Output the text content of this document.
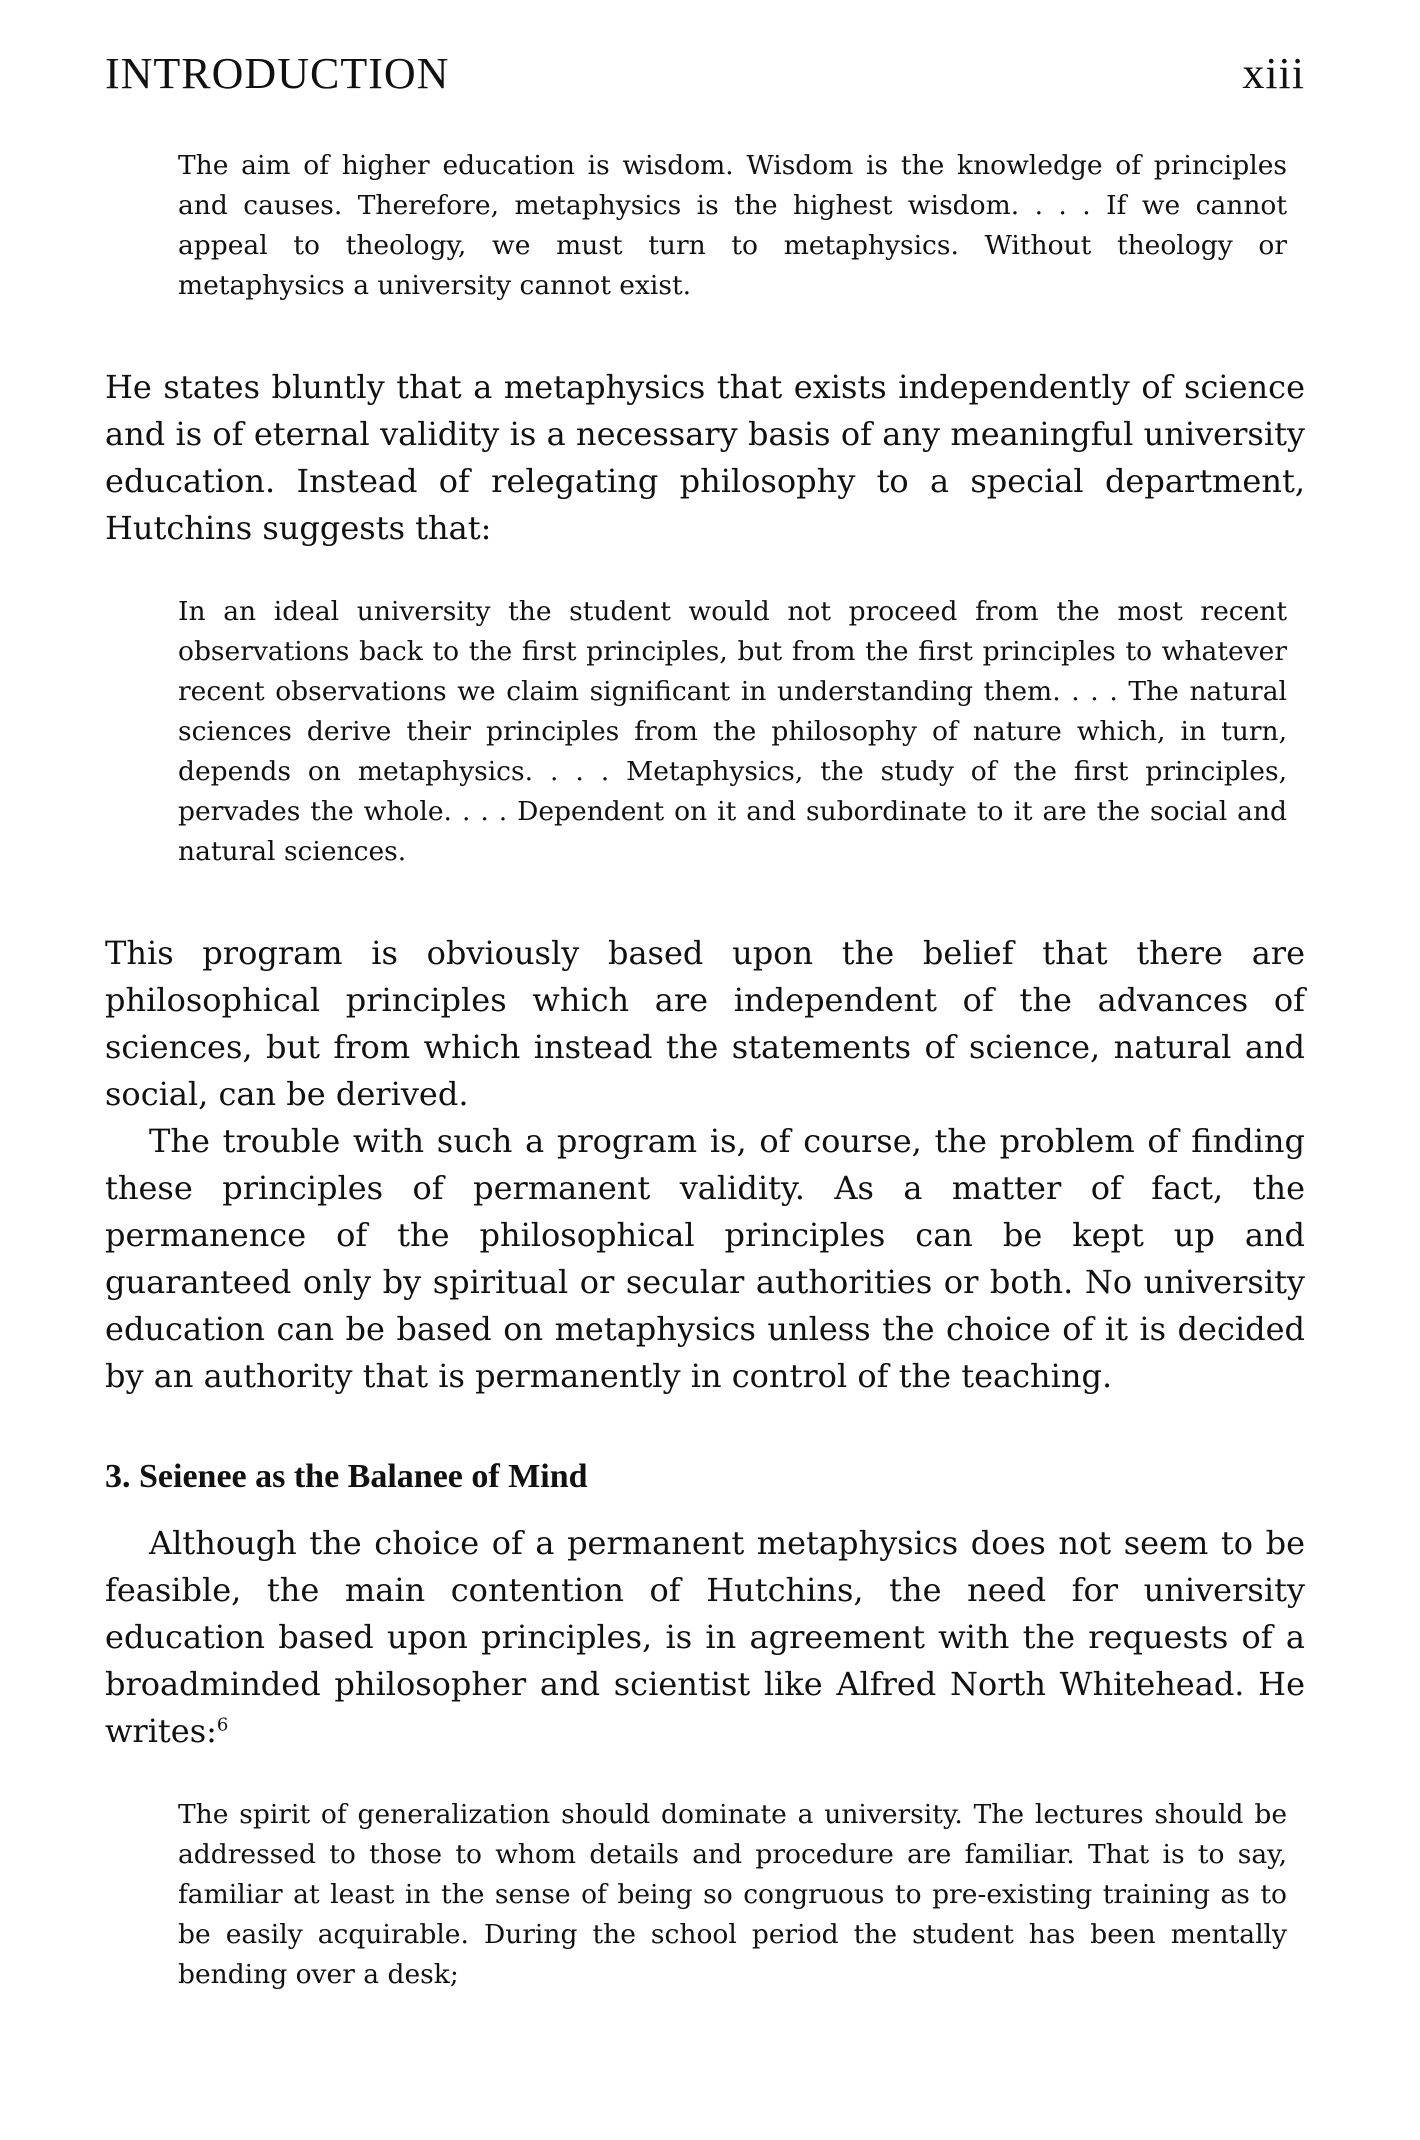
INTRODUCTION	xiii
The aim of higher education is wisdom. Wisdom is the knowledge of principles and causes. Therefore, metaphysics is the highest wisdom. . . . If we cannot appeal to theology, we must turn to metaphysics. Without theology or metaphysics a university cannot exist.

He states bluntly that a metaphysics that exists independently of science and is of eternal validity is a necessary basis of any meaningful university education. Instead of relegating philosophy to a special department, Hutchins suggests that:

In an ideal university the student would not proceed from the most recent observations back to the first principles, but from the first principles to whatever recent observations we claim significant in understanding them. . . . The natural sciences derive their principles from the philosophy of nature which, in turn, depends on metaphysics. . . . Metaphysics, the study of the first principles, pervades the whole. . . . Dependent on it and subordinate to it are the social and natural sciences.

This program is obviously based upon the belief that there are philosophical principles which are independent of the advances of sciences, but from which instead the statements of science, natural and social, can be derived.

The trouble with such a program is, of course, the problem of finding these principles of permanent validity. As a matter of fact, the permanence of the philosophical principles can be kept up and guaranteed only by spiritual or secular authorities or both. No university education can be based on metaphysics unless the choice of it is decided by an authority that is permanently in control of the teaching.

3. Seienee as the Balanee of Mind

Although the choice of a permanent metaphysics does not seem to be feasible, the main contention of Hutchins, the need for university education based upon principles, is in agreement with the requests of a broadminded philosopher and scientist like Alfred North Whitehead. He writes:$^6$

The spirit of generalization should dominate a university. The lectures should be addressed to those to whom details and procedure are familiar. That is to say, familiar at least in the sense of being so congruous to pre-existing training as to be easily acquirable. During the school period the student has been mentally bending over a desk;
